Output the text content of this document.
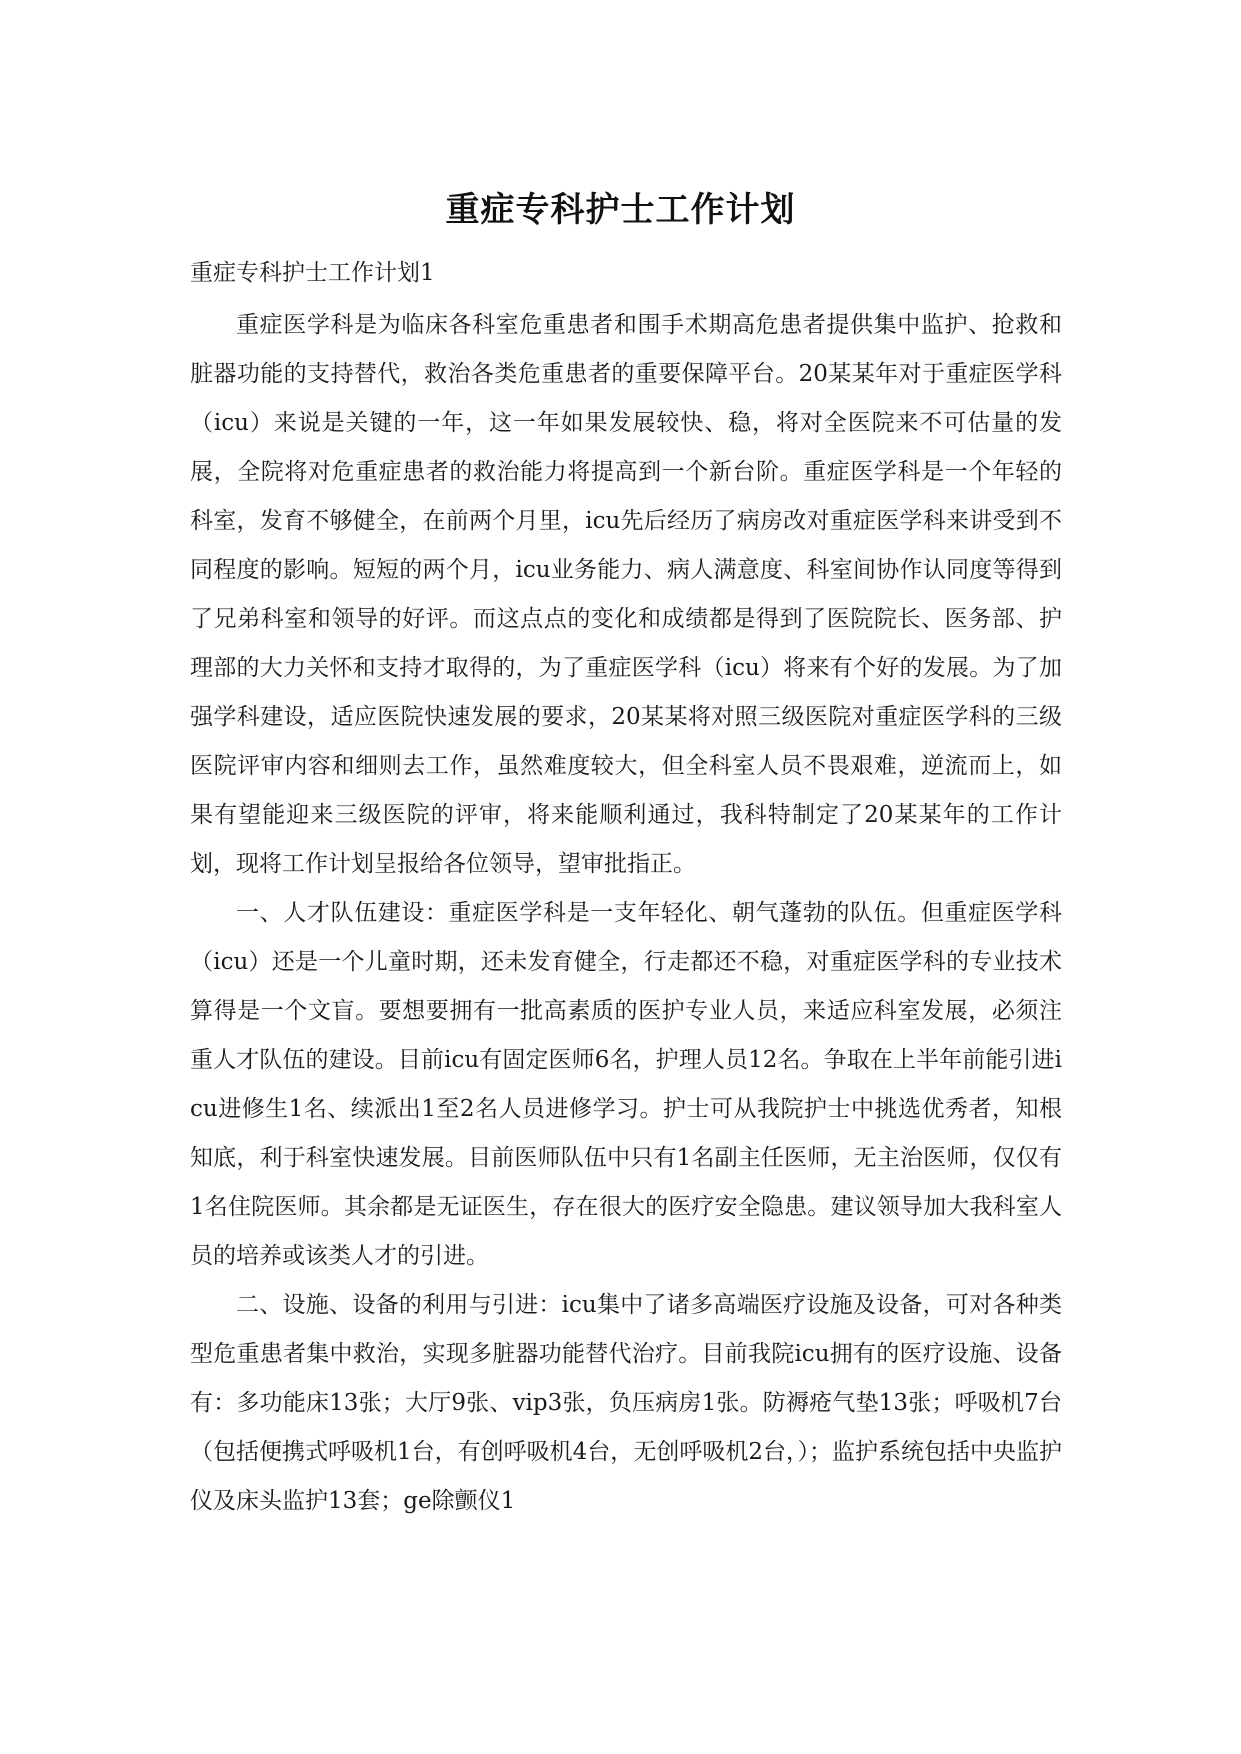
重症专科护士工作计划
重症专科护士工作计划1

重症医学科是为临床各科室危重患者和围手术期高危患者提供集中监护、抢救和脏器功能的支持替代，救治各类危重患者的重要保障平台。20某某年对于重症医学科（icu）来说是关键的一年，这一年如果发展较快、稳，将对全医院来不可估量的发展，全院将对危重症患者的救治能力将提高到一个新台阶。重症医学科是一个年轻的科室，发育不够健全，在前两个月里，icu先后经历了病房改对重症医学科来讲受到不同程度的影响。短短的两个月，icu业务能力、病人满意度、科室间协作认同度等得到了兄弟科室和领导的好评。而这点点的变化和成绩都是得到了医院院长、医务部、护理部的大力关怀和支持才取得的，为了重症医学科（icu）将来有个好的发展。为了加强学科建设，适应医院快速发展的要求，20某某将对照三级医院对重症医学科的三级医院评审内容和细则去工作，虽然难度较大，但全科室人员不畏艰难，逆流而上，如果有望能迎来三级医院的评审，将来能顺利通过，我科特制定了20某某年的工作计划，现将工作计划呈报给各位领导，望审批指正。

一、人才队伍建设：重症医学科是一支年轻化、朝气蓬勃的队伍。但重症医学科（icu）还是一个儿童时期，还未发育健全，行走都还不稳，对重症医学科的专业技术算得是一个文盲。要想要拥有一批高素质的医护专业人员，来适应科室发展，必须注重人才队伍的建设。目前icu有固定医师6名，护理人员12名。争取在上半年前能引进icu进修生1名、续派出1至2名人员进修学习。护士可从我院护士中挑选优秀者，知根知底，利于科室快速发展。目前医师队伍中只有1名副主任医师，无主治医师，仅仅有1名住院医师。其余都是无证医生，存在很大的医疗安全隐患。建议领导加大我科室人员的培养或该类人才的引进。

二、设施、设备的利用与引进：icu集中了诸多高端医疗设施及设备，可对各种类型危重患者集中救治，实现多脏器功能替代治疗。目前我院icu拥有的医疗设施、设备有：多功能床13张；大厅9张、vip3张，负压病房1张。防褥疮气垫13张；呼吸机7台（包括便携式呼吸机1台，有创呼吸机4台，无创呼吸机2台，）；监护系统包括中央监护仪及床头监护13套；ge除颤仪1
